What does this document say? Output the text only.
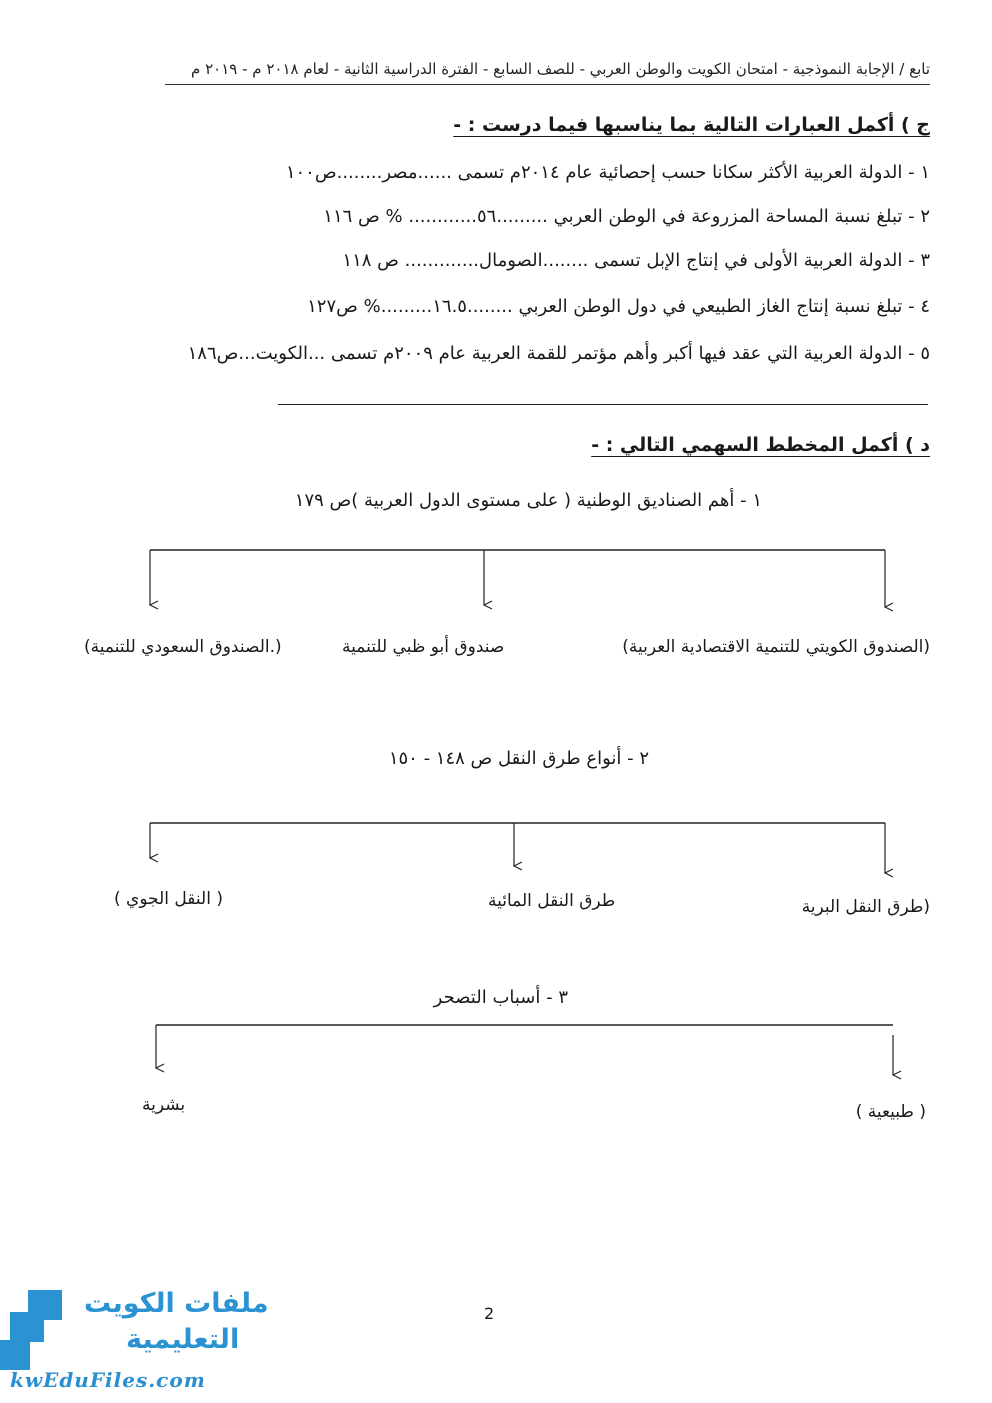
تابع / الإجابة النموذجية - امتحان الكويت والوطن العربي - للصف السابع - الفترة الدراسية الثانية - لعام ٢٠١٨ م - ٢٠١٩ م
ج ) أكمل العبارات التالية بما يناسبها فيما درست : -
١ - الدولة العربية الأكثر سكانا حسب إحصائية عام ٢٠١٤م تسمى ......مصر........ص١٠٠
٢ - تبلغ نسبة المساحة المزروعة في الوطن العربي .........٥٦............ % ص ١١٦
٣ - الدولة العربية الأولى في إنتاج الإبل تسمى ........الصومال............. ص ١١٨
٤ - تبلغ نسبة إنتاج الغاز الطبيعي في دول الوطن العربي ........١٦.٥.........% ص١٢٧
٥ - الدولة العربية التي عقد فيها أكبر وأهم مؤتمر للقمة العربية عام ٢٠٠٩م تسمى ...الكويت...ص١٨٦
د ) أكمل المخطط السهمي التالي : -
١ - أهم الصناديق الوطنية ( على مستوى الدول العربية )ص ١٧٩
(الصندوق الكويتي للتنمية الاقتصادية العربية)
صندوق أبو ظبي للتنمية
(.الصندوق السعودي للتنمية)
٢ - أنواع طرق النقل ص ١٤٨ - ١٥٠
(طرق النقل البرية
طرق النقل المائية
( النقل الجوي )
٣ - أسباب التصحر
( طبيعية )
بشرية
2
ملفات الكويت
التعليمية
kwEduFiles.com
